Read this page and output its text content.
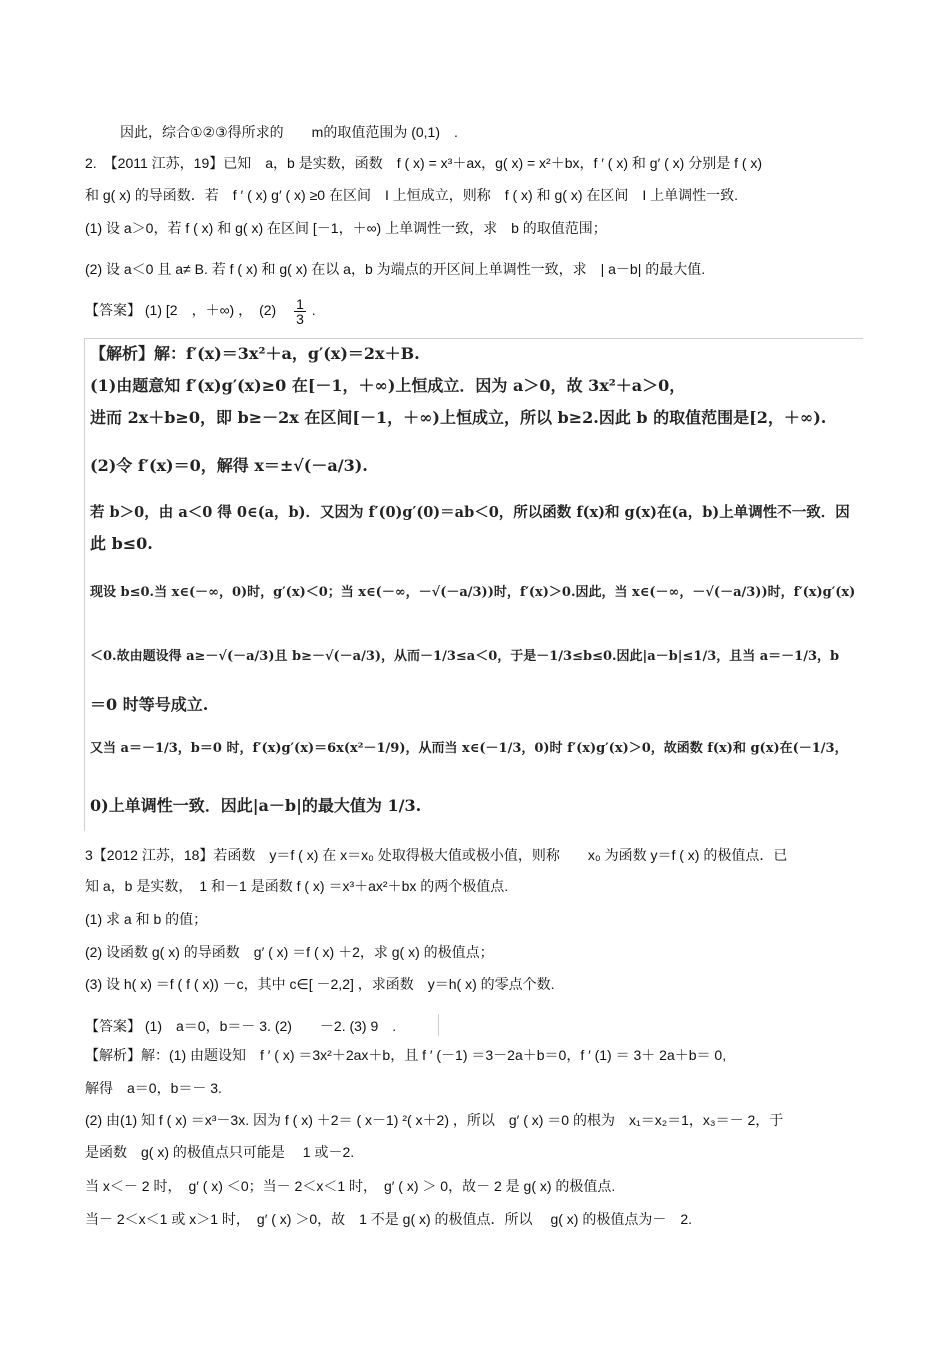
因此，综合①②③得所求的　　m的取值范围为 (0,1)　.
2.　【2011 江苏，19】已知　a，b 是实数，函数　f ( x) = x³＋ax，g( x) = x²＋bx，f ′ ( x) 和 g′ ( x) 分别是 f ( x)
和 g( x) 的导函数．若　f ′ ( x) g′ ( x) ≥0 在区间　I 上恒成立，则称　f ( x) 和 g( x) 在区间　I 上单调性一致.
(1) 设 a＞0，若 f ( x) 和 g( x) 在区间 [－1，＋∞) 上单调性一致，求　b 的取值范围；
(2) 设 a＜0 且 a≠ B. 若 f ( x) 和 g( x) 在以 a，b 为端点的开区间上单调性一致，求　| a－b| 的最大值.
【答案】 (1) [2　，＋∞) ，　$(2) \frac{1}{3}$ .
【解析】解：f′(x)＝3x²＋a，g′(x)＝2x＋B.
(1)由题意知 f′(x)g′(x)≥0 在[－1，＋∞)上恒成立．因为 a＞0，故 3x²＋a＞0，
进而 2x＋b≥0，即 b≥－2x 在区间[－1，＋∞)上恒成立，所以 b≥2.因此 b 的取值范围是[2，＋∞).
(2)令 f′(x)＝0，解得 x＝±√(－a/3).
若 b＞0，由 a＜0 得 0∈(a，b)．又因为 f′(0)g′(0)＝ab＜0，所以函数 f(x)和 g(x)在(a，b)上单调性不一致．因
此 b≤0.
现设 b≤0.当 x∈(－∞，0)时，g′(x)＜0；当 x∈(－∞，－√(－a/3))时，f′(x)＞0.因此，当 x∈(－∞，－√(－a/3))时，f′(x)g′(x)
＜0.故由题设得 a≥－√(－a/3)且 b≥－√(－a/3)，从而－1/3≤a＜0，于是－1/3≤b≤0.因此|a－b|≤1/3，且当 a＝－1/3，b
＝0 时等号成立.
又当 a＝－1/3，b＝0 时，f′(x)g′(x)＝6x(x²－1/9)，从而当 x∈(－1/3，0)时 f′(x)g′(x)＞0，故函数 f(x)和 g(x)在(－1/3，
0)上单调性一致．因此|a－b|的最大值为 1/3.
3【2012 江苏，18】若函数　y＝f ( x) 在 x＝x₀ 处取得极大值或极小值，则称　　x₀ 为函数 y＝f ( x) 的极值点．已
知 a，b 是实数，　1 和－1 是函数 f ( x) ＝x³＋ax²＋bx 的两个极值点.
(1) 求 a 和 b 的值；
(2) 设函数 g( x) 的导函数　g′ ( x) ＝f ( x) ＋2，求 g( x) 的极值点；
(3) 设 h( x) ＝f ( f ( x)) －c，其中 c∈[ －2,2] ，求函数　y＝h( x) 的零点个数.
【答案】 (1)　a＝0，b＝－ 3. (2)　　－2. (3) 9　.
【解析】解：(1) 由题设知　f ′ ( x) ＝3x²＋2ax＋b，且 f ′ (－1) ＝3－2a＋b＝0，f ′ (1) ＝ 3＋ 2a＋b＝ 0,
解得　a＝0，b＝－ 3.
(2) 由(1) 知 f ( x) ＝x³－3x. 因为 f ( x) ＋2＝ ( x－1) ²( x＋2) ，所以　g′ ( x) ＝0 的根为　x₁＝x₂＝1，x₃＝－ 2，于
是函数　g( x) 的极值点只可能是　 1 或－2.
当 x＜－ 2 时，　g′ ( x) ＜0；当－ 2＜x＜1 时，　g′ ( x) ＞ 0，故－ 2 是 g( x) 的极值点.
当－ 2＜x＜1 或 x＞1 时，　g′ ( x) ＞0，故　1 不是 g( x) 的极值点．所以　 g( x) 的极值点为－　2.
